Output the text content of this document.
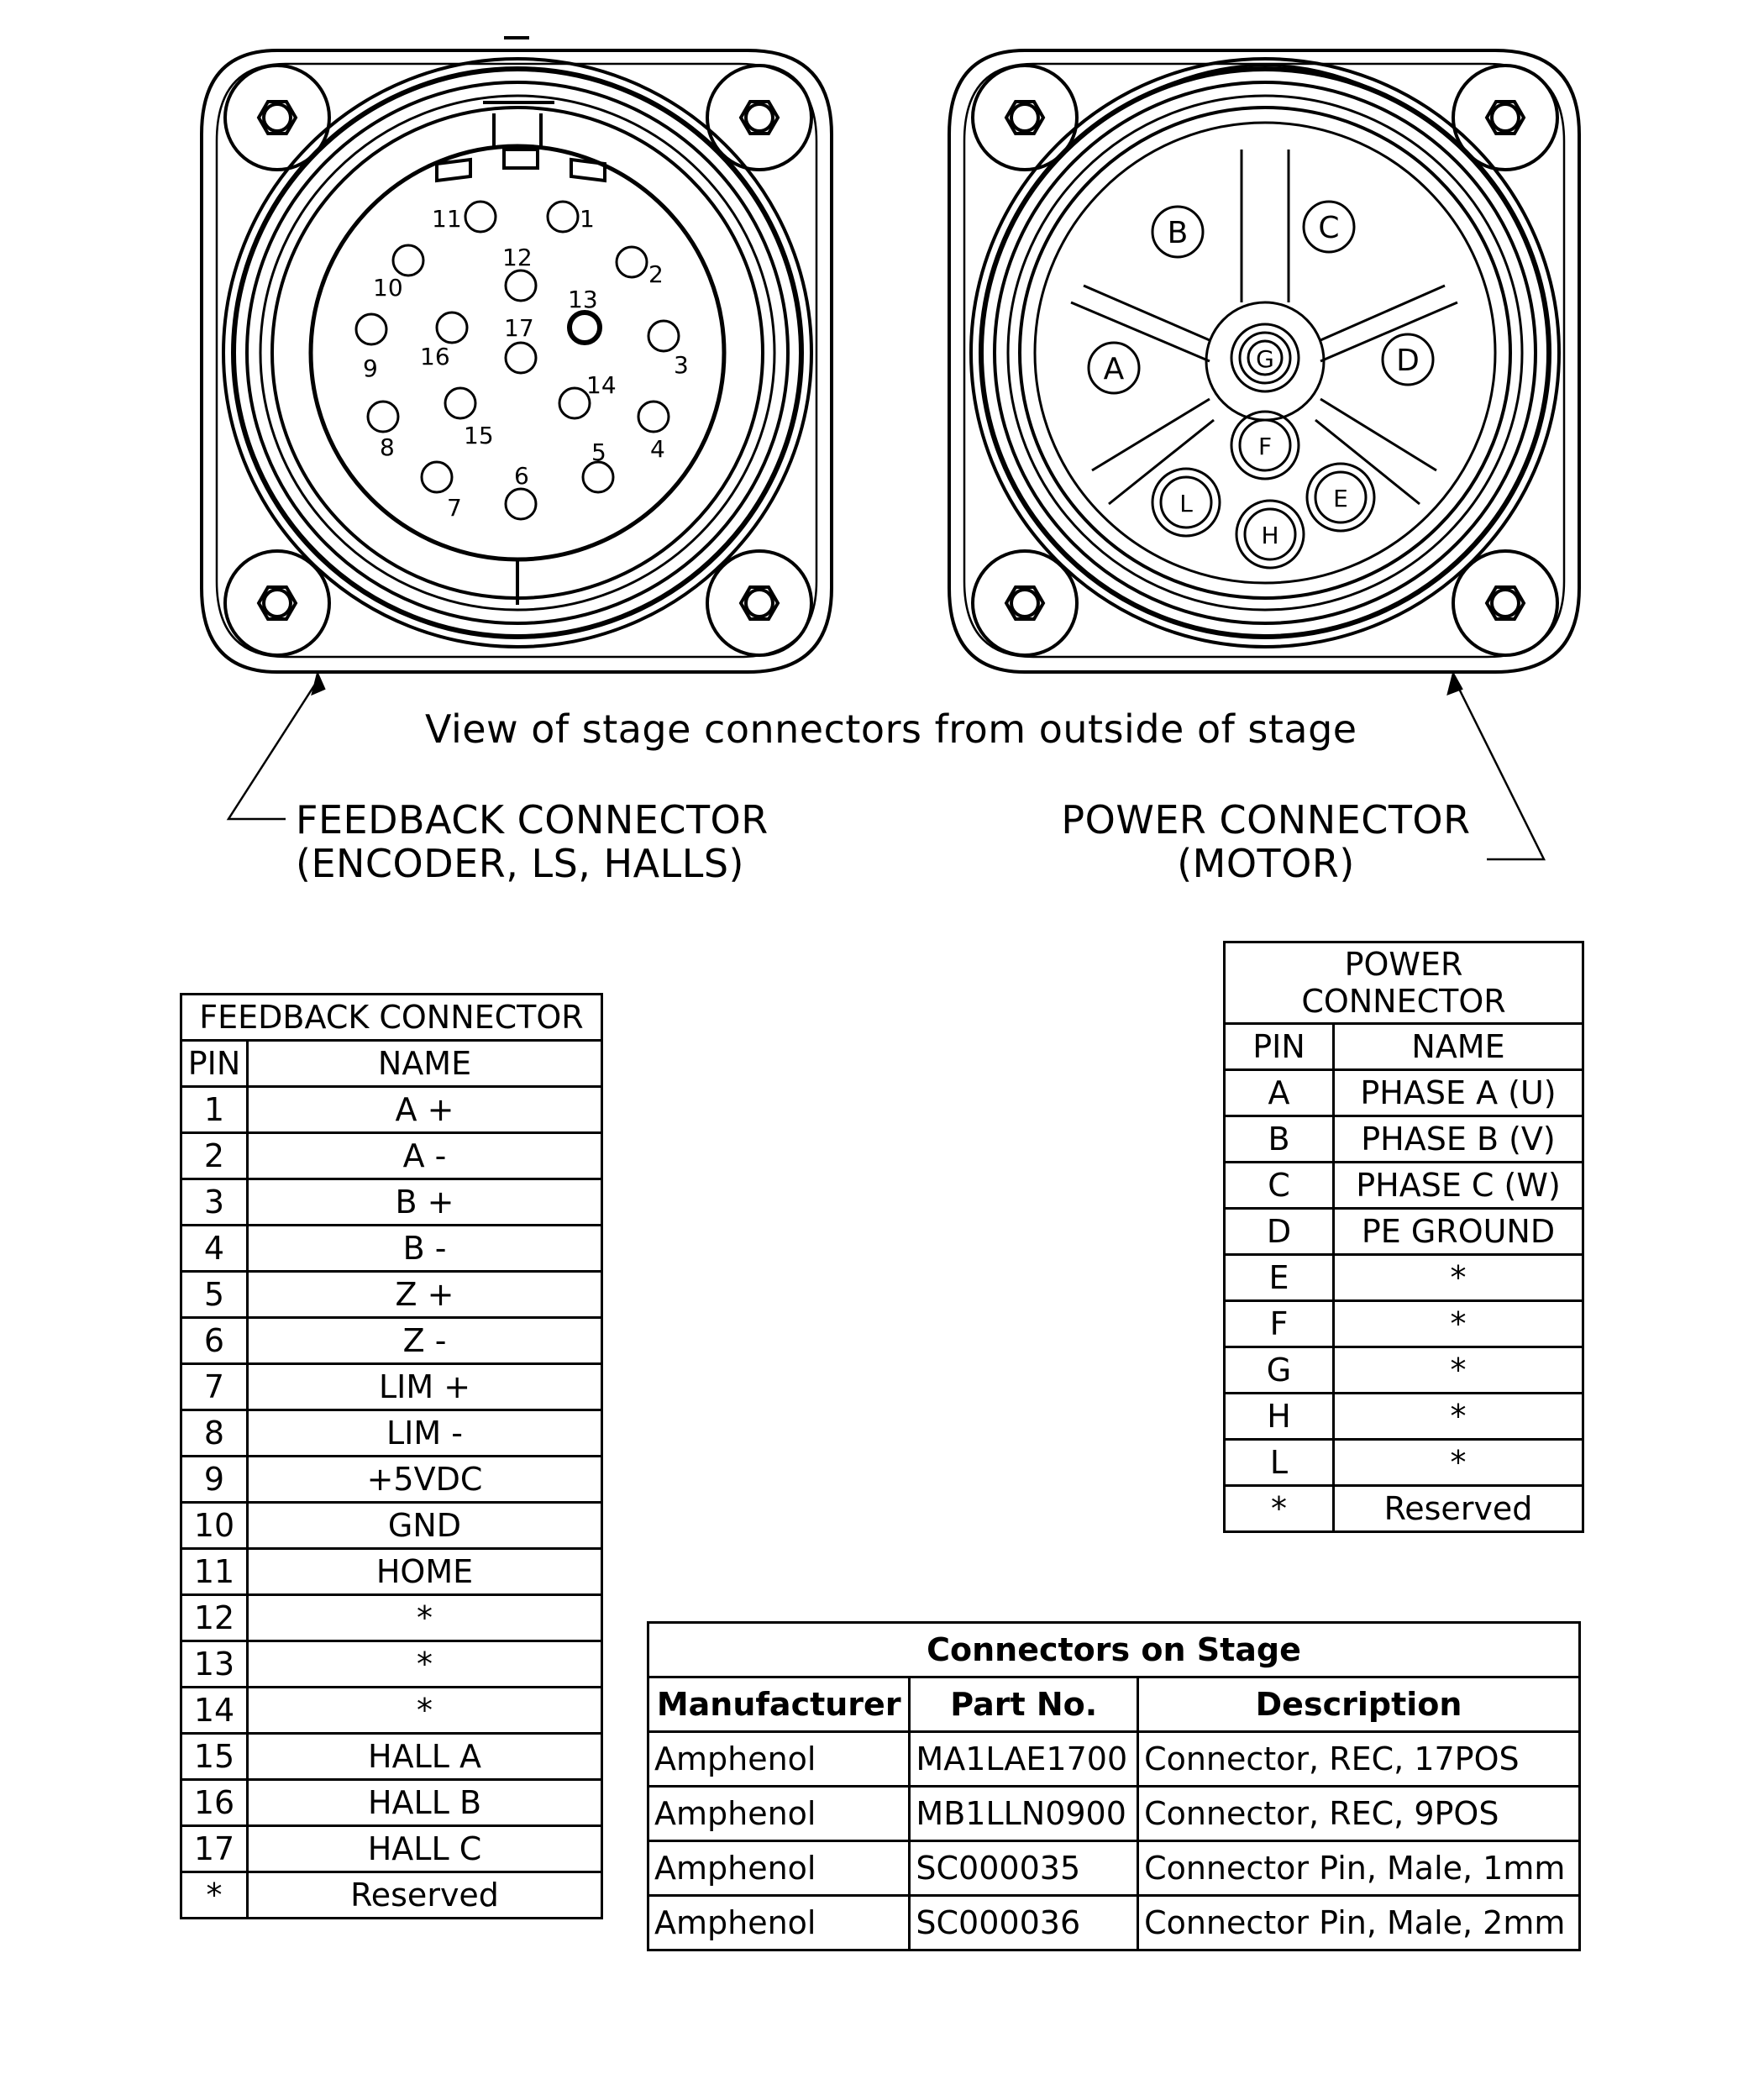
1
2
3
4
5
6
7
8
9
10
11
12
13
14
15
16
17
A
B	C
D
E
F
G
H
L
View of stage connectors from outside of stage
FEEDBACK CONNECTOR
(ENCODER, LS, HALLS)
POWER CONNECTOR
(MOTOR)
FEEDBACK CONNECTOR	
PIN	NAME
1	A +
2	A -
3	B +
4	B -
5	Z +
6	Z -
7	LIM +
8	LIM -
9	+5VDC
10	GND
11	HOME
12	*
13	*
14	*
15	HALL A
16	HALL B
17	HALL C
*	Reserved
POWER
CONNECTOR	

PIN	NAME
A	PHASE A (U)
B	PHASE B (V)
C	PHASE C (W)
D	PE GROUND
E	*
F	*
G	*
H	*
L	*
*	Reserved
Connectors on Stage		
Manufacturer	Part No.	Description
Amphenol	MA1LAE1700	Connector, REC, 17POS
Amphenol	MB1LLN0900	Connector, REC, 9POS
Amphenol	SC000035	Connector Pin, Male, 1mm
Amphenol	SC000036	Connector Pin, Male, 2mm
